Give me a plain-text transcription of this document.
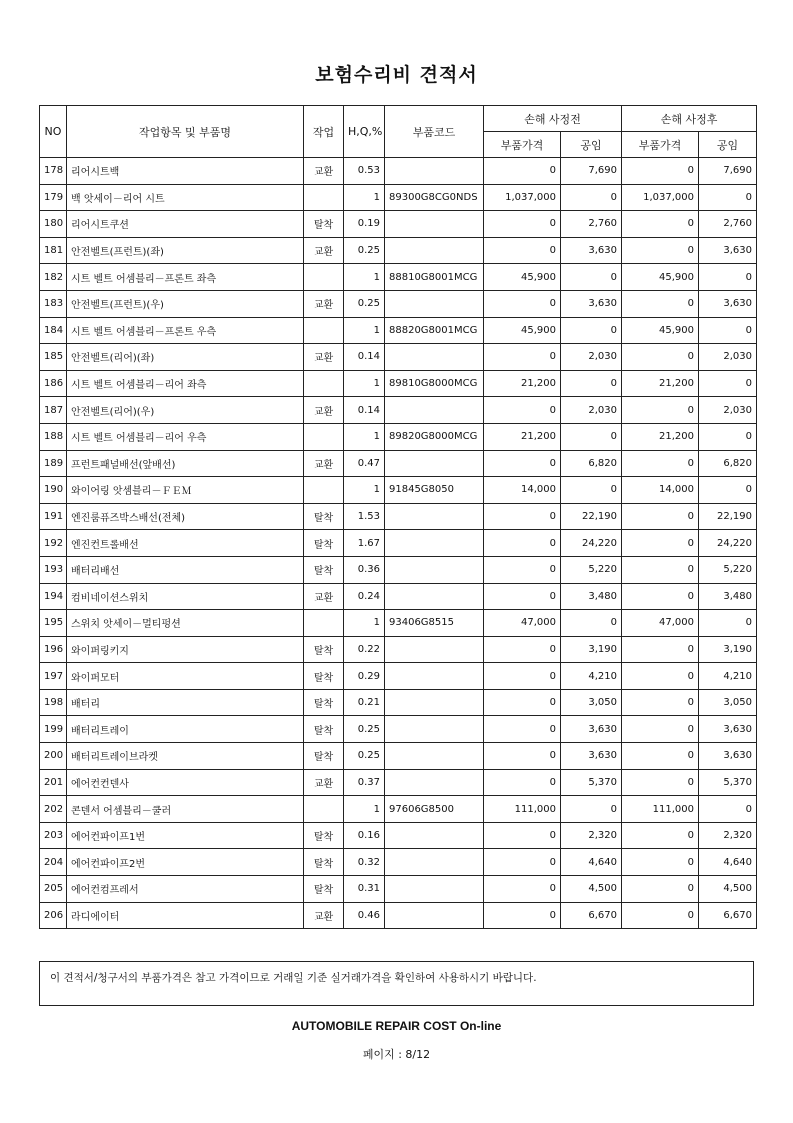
보험수리비 견적서
NO	작업항목 및 부품명	작업	H,Q,%	부품코드	손해 사정전		손해 사정후	
					부품가격	공임	부품가격	공임
178	리어시트백	교환	0.53		0	7,690	0	7,690
179	백 앗세이－리어 시트		1	89300G8CG0NDS	1,037,000	0	1,037,000	0
180	리어시트쿠션	탈착	0.19		0	2,760	0	2,760
181	안전벨트(프런트)(좌)	교환	0.25		0	3,630	0	3,630
182	시트 벨트 어셈블리－프론트 좌측		1	88810G8001MCG	45,900	0	45,900	0
183	안전벨트(프런트)(우)	교환	0.25		0	3,630	0	3,630
184	시트 벨트 어셈블리－프론트 우측		1	88820G8001MCG	45,900	0	45,900	0
185	안전벨트(리어)(좌)	교환	0.14		0	2,030	0	2,030
186	시트 벨트 어셈블리－리어 좌측		1	89810G8000MCG	21,200	0	21,200	0
187	안전벨트(리어)(우)	교환	0.14		0	2,030	0	2,030
188	시트 벨트 어셈블리－리어 우측		1	89820G8000MCG	21,200	0	21,200	0
189	프런트패널배선(앞배선)	교환	0.47		0	6,820	0	6,820
190	와이어링 앗셈블리－ＦＥＭ		1	91845G8050	14,000	0	14,000	0
191	엔진룸퓨즈박스배선(전체)	탈착	1.53		0	22,190	0	22,190
192	엔진컨트롤배선	탈착	1.67		0	24,220	0	24,220
193	배터리배선	탈착	0.36		0	5,220	0	5,220
194	컴비네이션스위치	교환	0.24		0	3,480	0	3,480
195	스위치 앗세이－멀티펑션		1	93406G8515	47,000	0	47,000	0
196	와이퍼링키지	탈착	0.22		0	3,190	0	3,190
197	와이퍼모터	탈착	0.29		0	4,210	0	4,210
198	배터리	탈착	0.21		0	3,050	0	3,050
199	배터리트레이	탈착	0.25		0	3,630	0	3,630
200	배터리트레이브라켓	탈착	0.25		0	3,630	0	3,630
201	에어컨컨덴사	교환	0.37		0	5,370	0	5,370
202	콘덴서 어셈블리－쿨러		1	97606G8500	111,000	0	111,000	0
203	에어컨파이프1번	탈착	0.16		0	2,320	0	2,320
204	에어컨파이프2번	탈착	0.32		0	4,640	0	4,640
205	에어컨컴프레서	탈착	0.31		0	4,500	0	4,500
206	라디에이터	교환	0.46		0	6,670	0	6,670
이 견적서/청구서의 부품가격은 참고 가격이므로 거래일 기준 실거래가격을 확인하여 사용하시기 바랍니다.
AUTOMOBILE REPAIR COST On-line
페이지 : 8/12
